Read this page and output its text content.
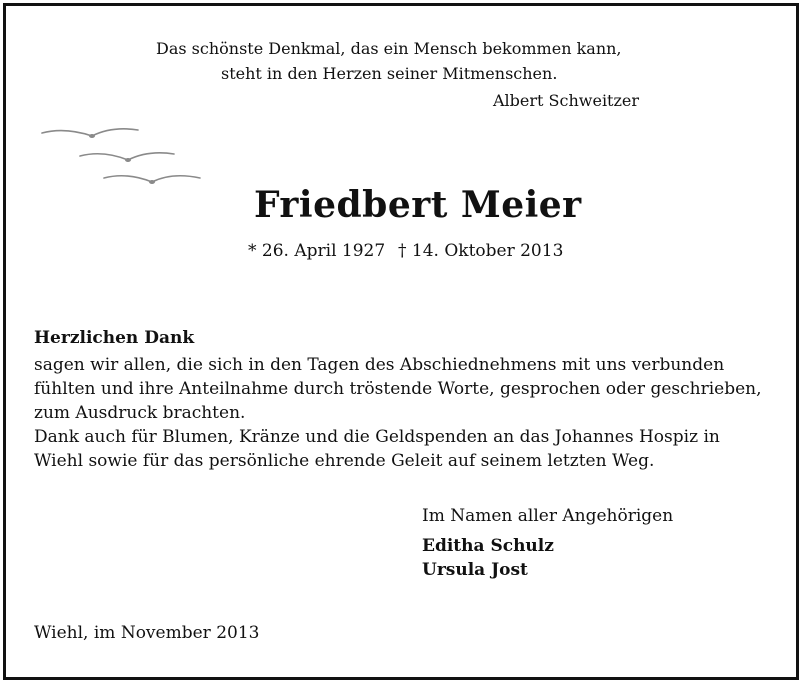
Das schönste Denkmal, das ein Mensch bekommen kann,
steht in den Herzen seiner Mitmenschen.
Albert Schweitzer
Friedbert Meier
* 26. April 1927 † 14. Oktober 2013
Herzlichen Dank
sagen wir allen, die sich in den Tagen des Abschiednehmens mit uns verbunden
fühlten und ihre Anteilnahme durch tröstende Worte, gesprochen oder geschrieben,
zum Ausdruck brachten.
Dank auch für Blumen, Kränze und die Geldspenden an das Johannes Hospiz in
Wiehl sowie für das persönliche ehrende Geleit auf seinem letzten Weg.
Im Namen aller Angehörigen
Editha Schulz
Ursula Jost
Wiehl, im November 2013
